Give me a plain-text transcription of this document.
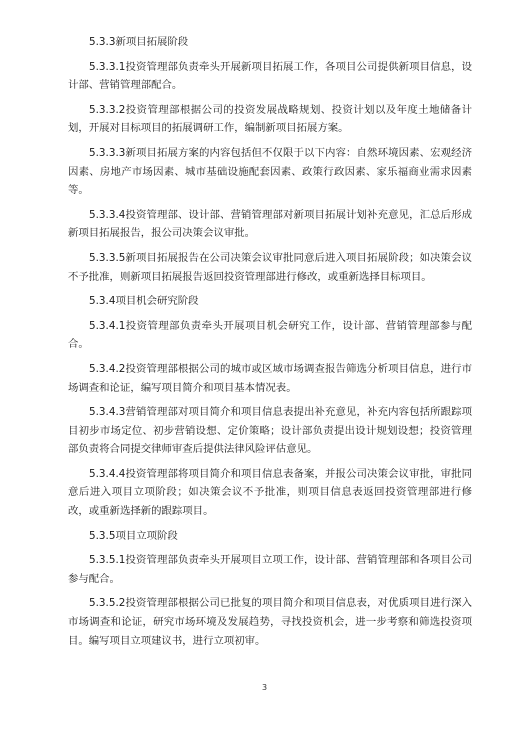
5.3.3新项目拓展阶段

5.3.3.1投资管理部负责牵头开展新项目拓展工作，各项目公司提供新项目信息，设计部、营销管理部配合。

5.3.3.2投资管理部根据公司的投资发展战略规划、投资计划以及年度土地储备计划，开展对目标项目的拓展调研工作，编制新项目拓展方案。

5.3.3.3新项目拓展方案的内容包括但不仅限于以下内容：自然环境因素、宏观经济因素、房地产市场因素、城市基础设施配套因素、政策行政因素、家乐福商业需求因素等。

5.3.3.4投资管理部、设计部、营销管理部对新项目拓展计划补充意见，汇总后形成新项目拓展报告，报公司决策会议审批。

5.3.3.5新项目拓展报告在公司决策会议审批同意后进入项目拓展阶段；如决策会议不予批准，则新项目拓展报告返回投资管理部进行修改，或重新选择目标项目。

5.3.4项目机会研究阶段

5.3.4.1投资管理部负责牵头开展项目机会研究工作，设计部、营销管理部参与配合。

5.3.4.2投资管理部根据公司的城市或区域市场调查报告筛选分析项目信息，进行市场调查和论证，编写项目简介和项目基本情况表。

5.3.4.3营销管理部对项目简介和项目信息表提出补充意见，补充内容包括所跟踪项目初步市场定位、初步营销设想、定价策略；设计部负责提出设计规划设想；投资管理部负责将合同提交律师审查后提供法律风险评估意见。

5.3.4.4投资管理部将项目简介和项目信息表备案，并报公司决策会议审批，审批同意后进入项目立项阶段；如决策会议不予批准，则项目信息表返回投资管理部进行修改，或重新选择新的跟踪项目。

5.3.5项目立项阶段

5.3.5.1投资管理部负责牵头开展项目立项工作，设计部、营销管理部和各项目公司参与配合。

5.3.5.2投资管理部根据公司已批复的项目简介和项目信息表，对优质项目进行深入市场调查和论证，研究市场环境及发展趋势，寻找投资机会，进一步考察和筛选投资项目。编写项目立项建议书，进行立项初审。

3
